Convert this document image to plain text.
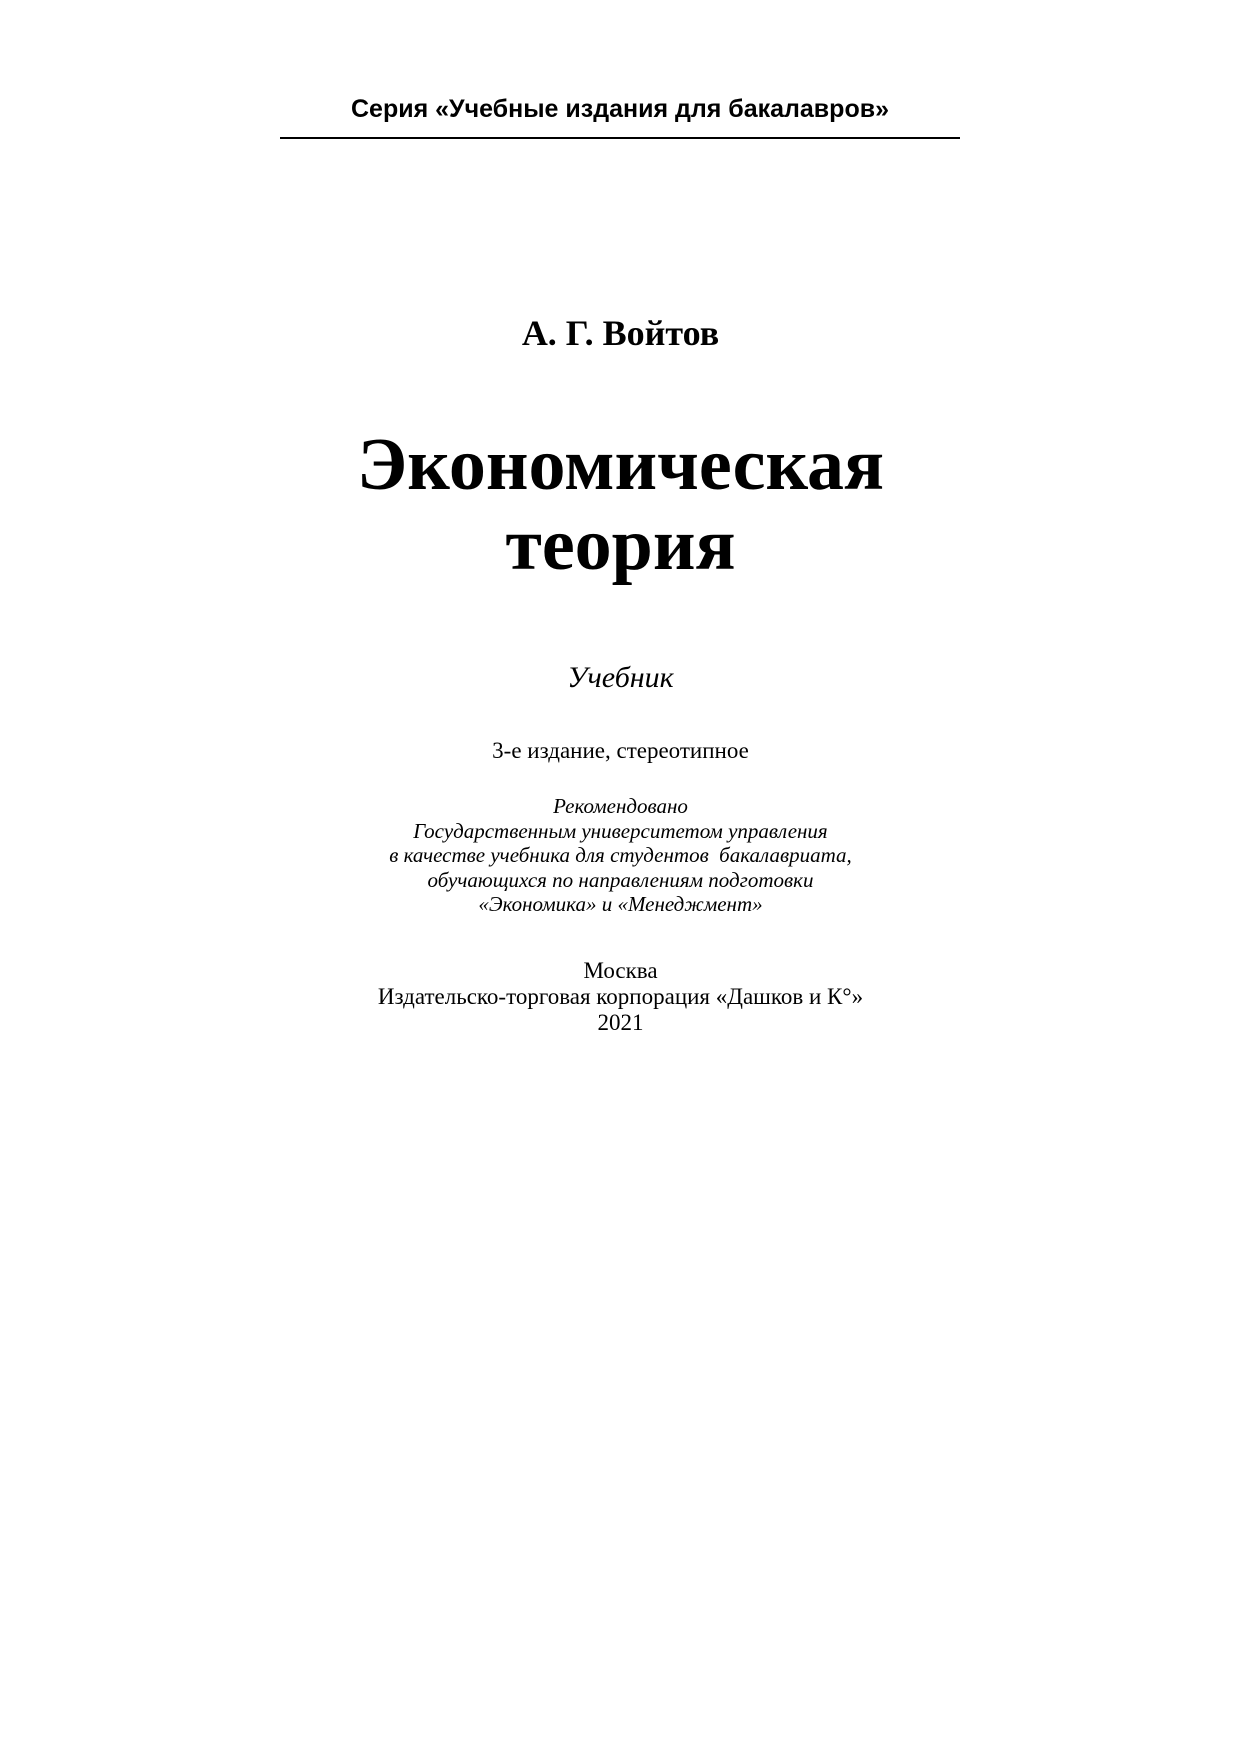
Серия «Учебные издания для бакалавров»
А. Г. Войтов
Экономическая
теория
Учебник
3-е издание, стереотипное
Рекомендовано
Государственным университетом управления
в качестве учебника для студентов  бакалавриата,
обучающихся по направлениям подготовки
«Экономика» и «Менеджмент»
Москва
Издательско-торговая корпорация «Дашков и К°»
2021
